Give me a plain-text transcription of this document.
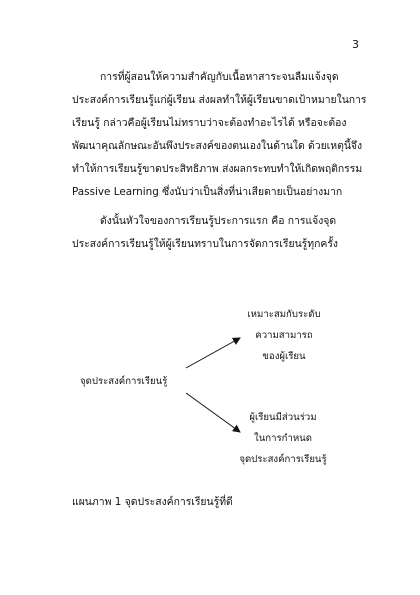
3

การที่ผู้สอนให้ความสำคัญกับเนื้อหาสาระจนลืมแจ้งจุดประสงค์การเรียนรู้แก่ผู้เรียน ส่งผลทำให้ผู้เรียนขาดเป้าหมายในการเรียนรู้ กล่าวคือผู้เรียนไม่ทราบว่าจะต้องทำอะไรได้ หรือจะต้องพัฒนาคุณลักษณะอันพึงประสงค์ของตนเองในด้านใด ด้วยเหตุนี้จึงทำให้การเรียนรู้ขาดประสิทธิภาพ ส่งผลกระทบทำให้เกิดพฤติกรรม Passive Learning ซึ่งนับว่าเป็นสิ่งที่น่าเสียดายเป็นอย่างมาก

ดังนั้นหัวใจของการเรียนรู้ประการแรก คือ การแจ้งจุดประสงค์การเรียนรู้ให้ผู้เรียนทราบในการจัดการเรียนรู้ทุกครั้ง

เหมาะสมกับระดับ
ความสามารถ
ของผู้เรียน
จุดประสงค์การเรียนรู้
ผู้เรียนมีส่วนร่วม
ในการกำหนด
จุดประสงค์การเรียนรู้
แผนภาพ 1 จุดประสงค์การเรียนรู้ที่ดี
